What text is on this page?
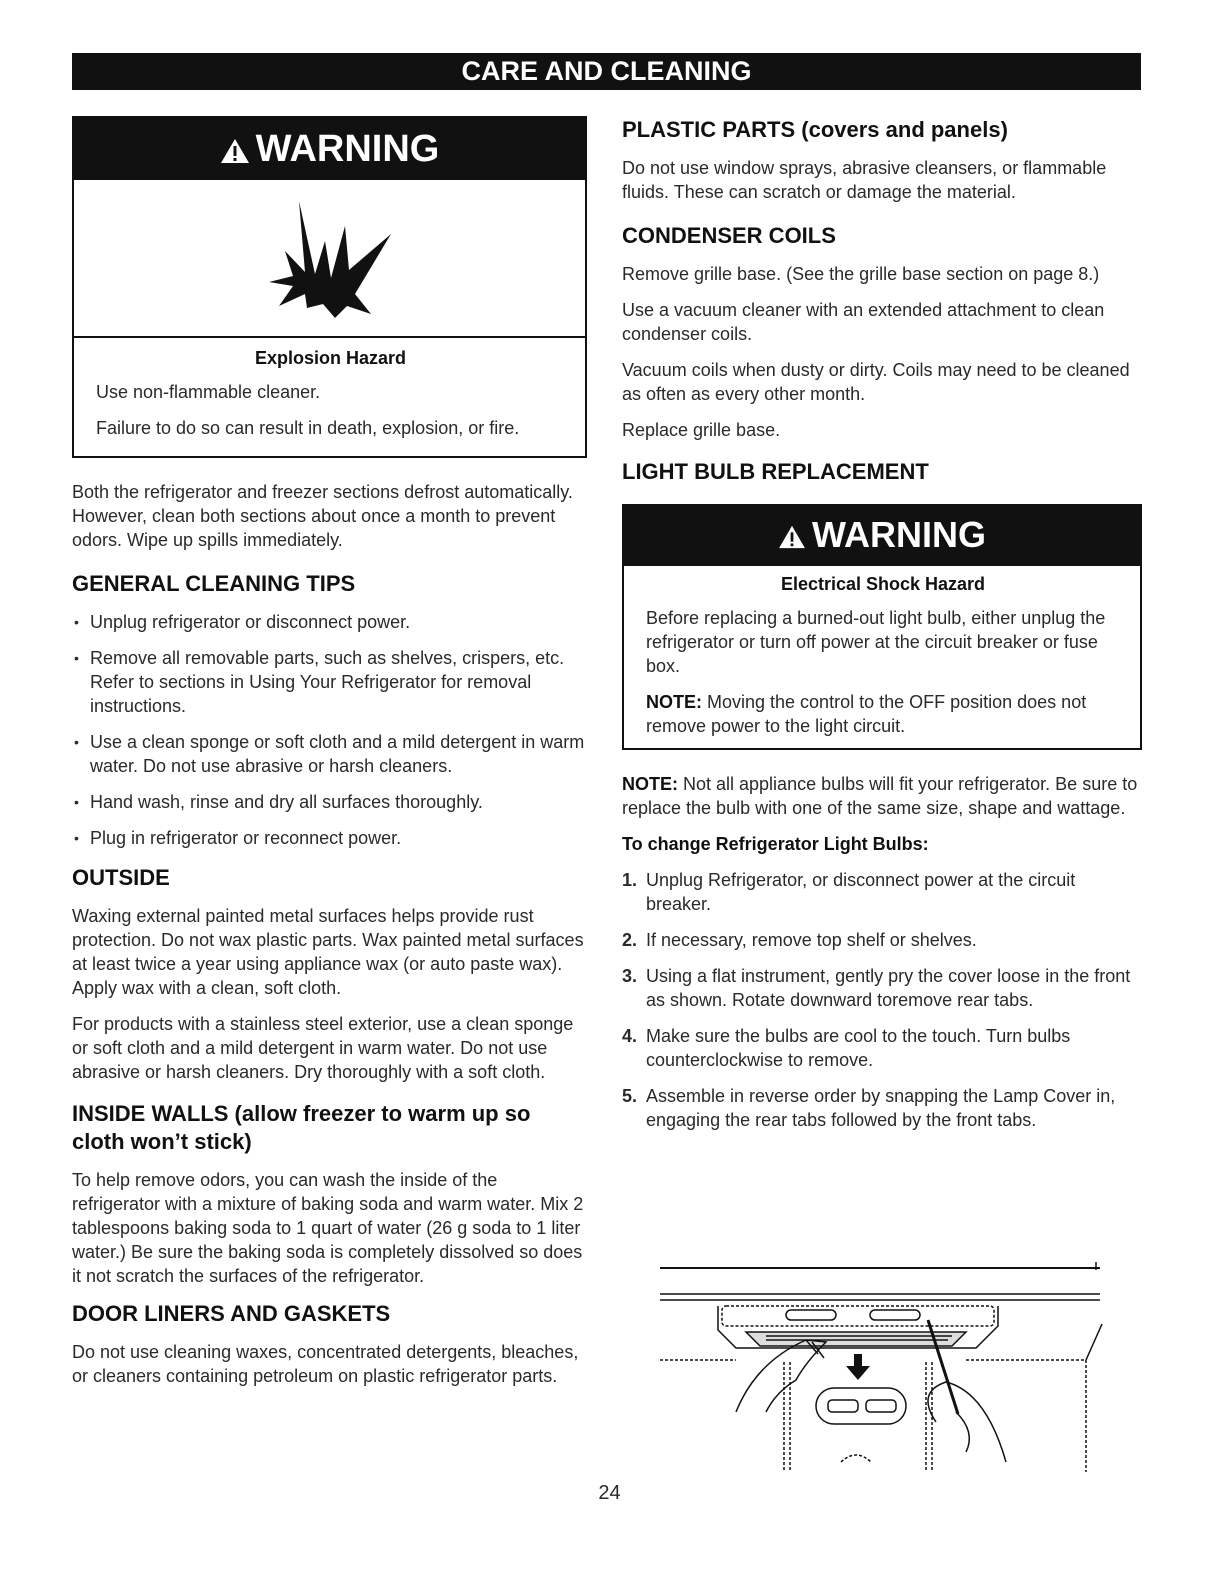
CARE AND CLEANING
WARNING

Explosion Hazard

Use non-flammable cleaner.

Failure to do so can result in death, explosion, or fire.

Both the refrigerator and freezer sections defrost automatically. However, clean both sections about once a month to prevent odors. Wipe up spills immediately.

GENERAL CLEANING TIPS
• Unplug refrigerator or disconnect power.
• Remove all removable parts, such as shelves, crispers, etc. Refer to sections in Using Your Refrigerator for removal instructions.
• Use a clean sponge or soft cloth and a mild detergent in warm water. Do not use abrasive or harsh cleaners.
• Hand wash, rinse and dry all surfaces thoroughly.
• Plug in refrigerator or reconnect power.
OUTSIDE

Waxing external painted metal surfaces helps provide rust protection. Do not wax plastic parts. Wax painted metal surfaces at least twice a year using appliance wax (or auto paste wax). Apply wax with a clean, soft cloth.

For products with a stainless steel exterior, use a clean sponge or soft cloth and a mild detergent in warm water. Do not use abrasive or harsh cleaners. Dry thoroughly with a soft cloth.

INSIDE WALLS (allow freezer to warm up so cloth won’t stick)

To help remove odors, you can wash the inside of the refrigerator with a mixture of baking soda and warm water. Mix 2 tablespoons baking soda to 1 quart of water (26 g soda to 1 liter water.) Be sure the baking soda is completely dissolved so does it not scratch the surfaces of the refrigerator.

DOOR LINERS AND GASKETS

Do not use cleaning waxes, concentrated detergents, bleaches, or cleaners containing petroleum on plastic refrigerator parts.

PLASTIC PARTS (covers and panels)

Do not use window sprays, abrasive cleansers, or flammable fluids. These can scratch or damage the material.

CONDENSER COILS

Remove grille base. (See the grille base section on page 8.)

Use a vacuum cleaner with an extended attachment to clean condenser coils.

Vacuum coils when dusty or dirty. Coils may need to be cleaned as often as every other month.

Replace grille base.

LIGHT BULB REPLACEMENT
WARNING

Electrical Shock Hazard

Before replacing a burned-out light bulb, either unplug the refrigerator or turn off power at the circuit breaker or fuse box.

NOTE: Moving the control to the OFF position does not remove power to the light circuit.

NOTE: Not all appliance bulbs will fit your refrigerator. Be sure to replace the bulb with one of the same size, shape and wattage.

To change Refrigerator Light Bulbs:

1. Unplug Refrigerator, or disconnect power at the circuit breaker.
2. If necessary, remove top shelf or shelves.
3. Using a flat instrument, gently pry the cover loose in the front as shown. Rotate downward toremove rear tabs.
4. Make sure the bulbs are cool to the touch. Turn bulbs counterclockwise to remove.
5. Assemble in reverse order by snapping the Lamp Cover in, engaging the rear tabs followed by the front tabs.
24
